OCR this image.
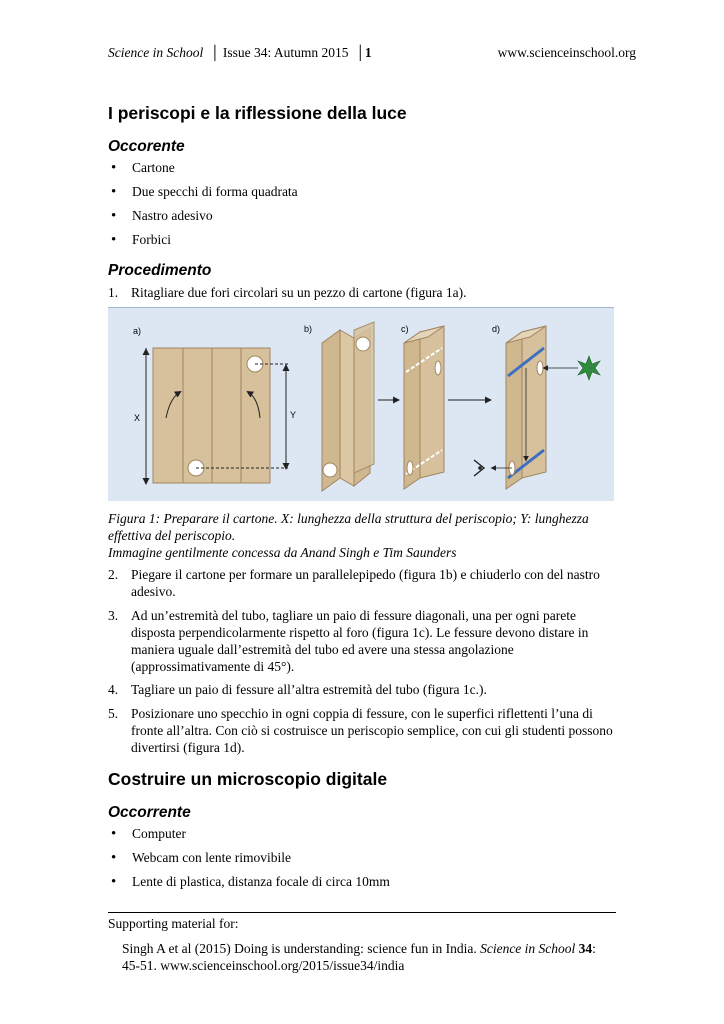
Science in School  │ Issue 34: Autumn 2015  │1	www.scienceinschool.org
I periscopi e la riflessione della luce
Occorente
• Cartone
• Due specchi di forma quadrata
• Nastro adesivo
• Forbici
Procedimento
1. Ritagliare due fori circolari su un pezzo di cartone (figura 1a).
a)	b)	c)	d)
X	Y
Figura 1: Preparare il cartone. X: lunghezza della struttura del periscopio; Y: lunghezza effettiva del periscopio.
Immagine gentilmente concessa da Anand Singh e Tim Saunders
2. Piegare il cartone per formare un parallelepipedo (figura 1b) e chiuderlo con del nastro adesivo.
3. Ad un’estremità del tubo, tagliare un paio di fessure diagonali, una per ogni parete disposta perpendicolarmente rispetto al foro (figura 1c). Le fessure devono distare in maniera uguale dall’estremità del tubo ed avere una stessa angolazione (approssimativamente di 45°).
4. Tagliare un paio di fessure all’altra estremità del tubo (figura 1c.).
5. Posizionare uno specchio in ogni coppia di fessure, con le superfici riflettenti l’una di fronte all’altra. Con ciò si costruisce un periscopio semplice, con cui gli studenti possono divertirsi (figura 1d).
Costruire un microscopio digitale
Occorrente
• Computer
• Webcam con lente rimovibile
• Lente di plastica, distanza focale di circa 10mm
Supporting material for:
Singh A et al (2015) Doing is understanding: science fun in India. Science in School 34: 45-51. www.scienceinschool.org/2015/issue34/india
